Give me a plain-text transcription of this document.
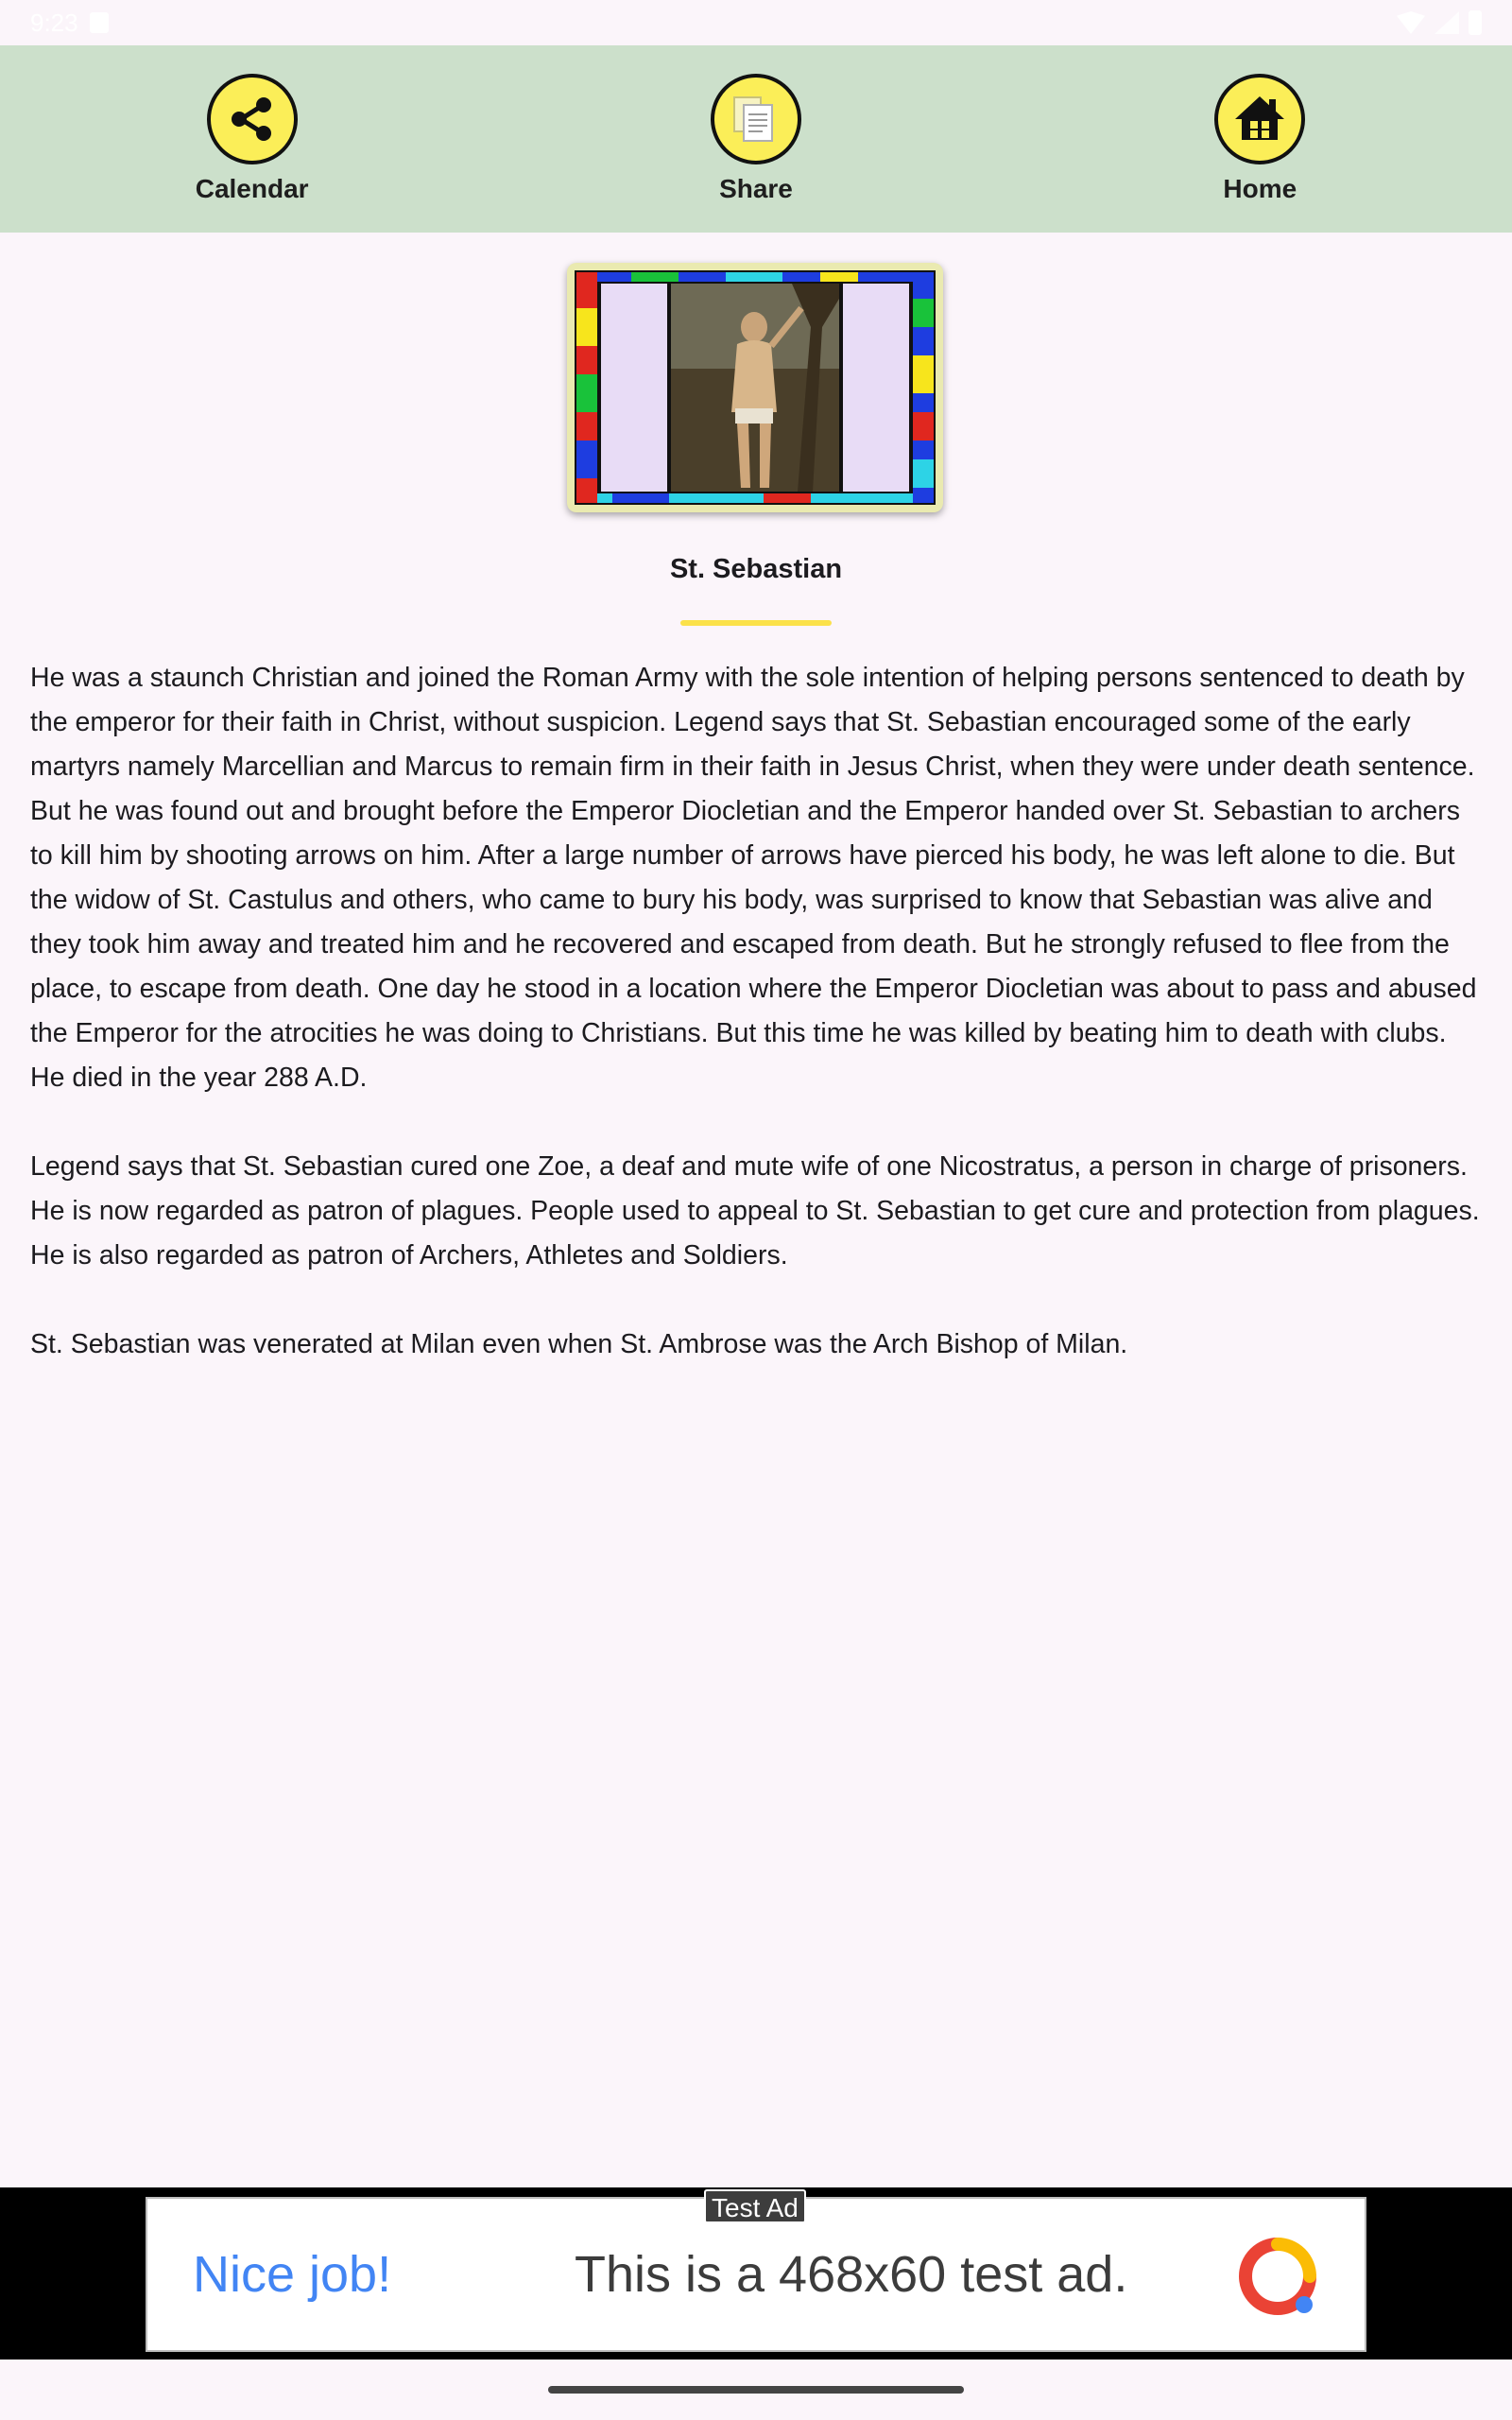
9:23
Calendar	Share	Home
St. Sebastian

He was a staunch Christian and joined the Roman Army with the sole intention of helping persons sentenced to death by the emperor for their faith in Christ, without suspicion. Legend says that St. Sebastian encouraged some of the early martyrs namely Marcellian and Marcus to remain firm in their faith in Jesus Christ, when they were under death sentence. But he was found out and brought before the Emperor Diocletian and the Emperor handed over St. Sebastian to archers to kill him by shooting arrows on him. After a large number of arrows have pierced his body, he was left alone to die. But the widow of St. Castulus and others, who came to bury his body, was surprised to know that Sebastian was alive and they took him away and treated him and he recovered and escaped from death. But he strongly refused to flee from the place, to escape from death. One day he stood in a location where the Emperor Diocletian was about to pass and abused the Emperor for the atrocities he was doing to Christians. But this time he was killed by beating him to death with clubs. He died in the year 288 A.D.

Legend says that St. Sebastian cured one Zoe, a deaf and mute wife of one Nicostratus, a person in charge of prisoners. He is now regarded as patron of plagues. People used to appeal to St. Sebastian to get cure and protection from plagues. He is also regarded as patron of Archers, Athletes and Soldiers.

St. Sebastian was venerated at Milan even when St. Ambrose was the Arch Bishop of Milan.

Nice job!	This is a 468x60 test ad.
Test Ad
